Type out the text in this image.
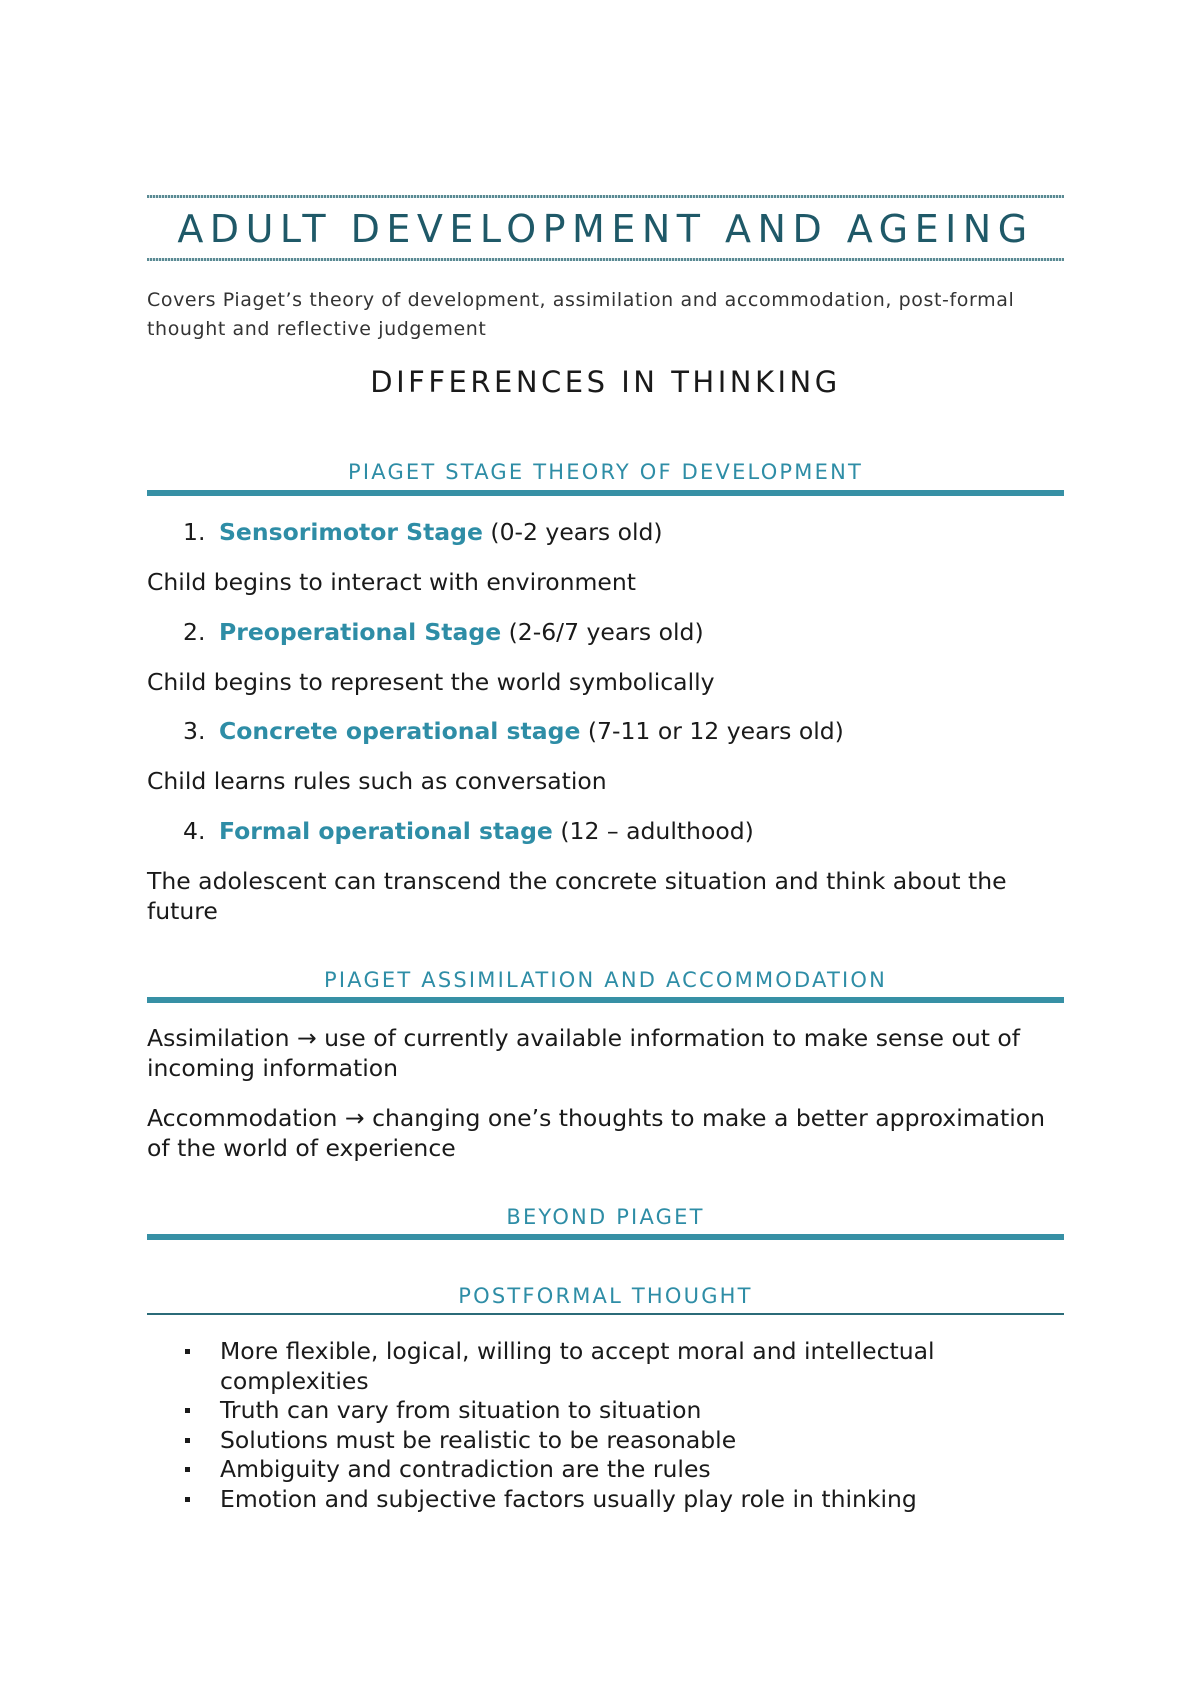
ADULT DEVELOPMENT AND AGEING
Covers Piaget’s theory of development, assimilation and accommodation, post-formal thought and reflective judgement
DIFFERENCES IN THINKING
PIAGET STAGE THEORY OF DEVELOPMENT
1. Sensorimotor Stage (0-2 years old)
Child begins to interact with environment
2. Preoperational Stage (2-6/7 years old)
Child begins to represent the world symbolically
3. Concrete operational stage (7-11 or 12 years old)
Child learns rules such as conversation
4. Formal operational stage (12 – adulthood)
The adolescent can transcend the concrete situation and think about the future
PIAGET ASSIMILATION AND ACCOMMODATION
Assimilation → use of currently available information to make sense out of incoming information
Accommodation → changing one’s thoughts to make a better approximation of the world of experience
BEYOND PIAGET
POSTFORMAL THOUGHT
More flexible, logical, willing to accept moral and intellectual complexities
Truth can vary from situation to situation
Solutions must be realistic to be reasonable
Ambiguity and contradiction are the rules
Emotion and subjective factors usually play role in thinking
